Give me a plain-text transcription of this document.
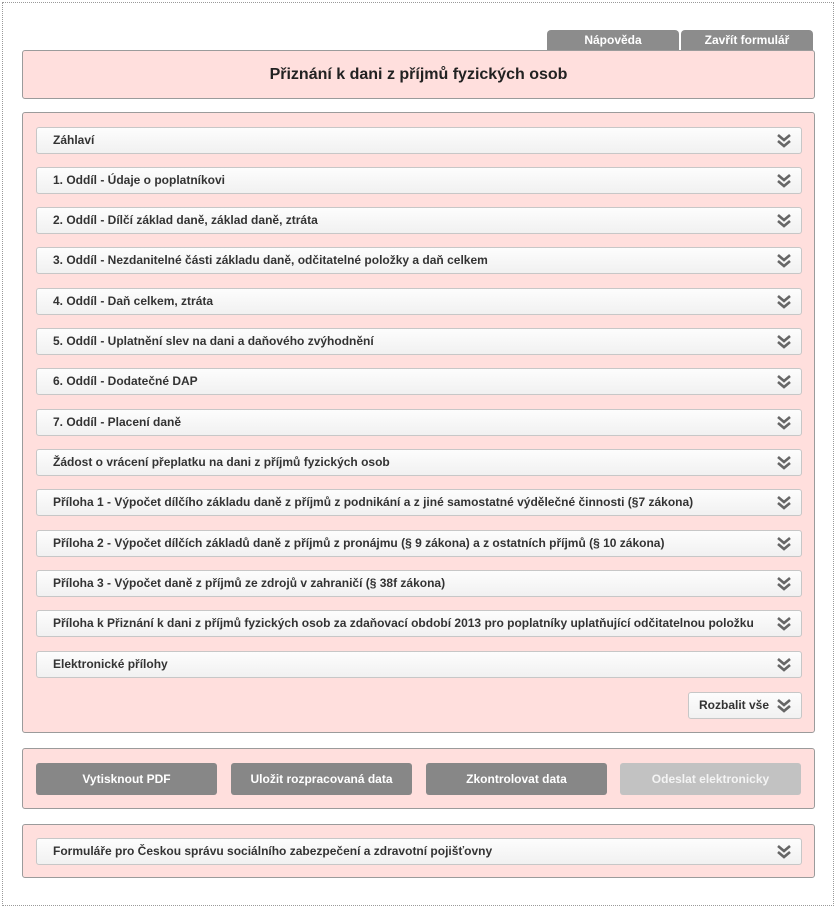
Nápověda	Zavřít formulář
Přiznání k dani z příjmů fyzických osob
Záhlaví
1. Oddíl - Údaje o poplatníkovi
2. Oddíl - Dílčí základ daně, základ daně, ztráta
3. Oddíl - Nezdanitelné části základu daně, odčitatelné položky a daň celkem
4. Oddíl - Daň celkem, ztráta
5. Oddíl - Uplatnění slev na dani a daňového zvýhodnění
6. Oddíl - Dodatečné DAP
7. Oddíl - Placení daně
Žádost o vrácení přeplatku na dani z příjmů fyzických osob
Příloha 1 - Výpočet dílčího základu daně z příjmů z podnikání a z jiné samostatné výdělečné činnosti (§7 zákona)
Příloha 2 - Výpočet dílčích základů daně z příjmů z pronájmu (§ 9 zákona) a z ostatních příjmů (§ 10 zákona)
Příloha 3 - Výpočet daně z příjmů ze zdrojů v zahraničí (§ 38f zákona)
Příloha k Přiznání k dani z příjmů fyzických osob za zdaňovací období 2013 pro poplatníky uplatňující odčitatelnou položku
Elektronické přílohy
Rozbalit vše
Vytisknout PDF	Uložit rozpracovaná data	Zkontrolovat data	Odeslat elektronicky
Formuláře pro Českou správu sociálního zabezpečení a zdravotní pojišťovny
